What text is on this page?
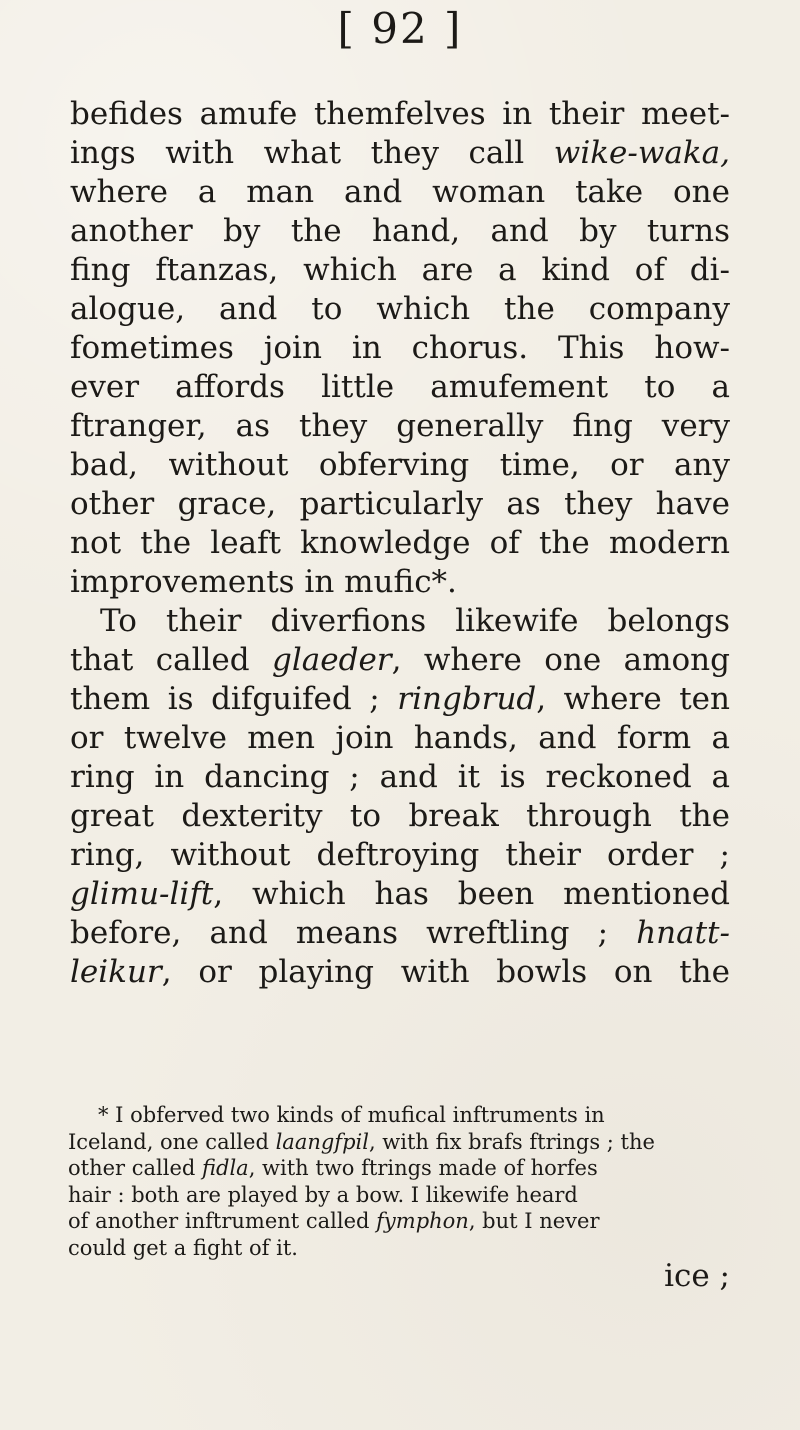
[ 92 ]
befides amufe themfelves in their meet-
ings with what they call wike-waka,
where a man and woman take one
another by the hand, and by turns
fing ftanzas, which are a kind of di-
alogue, and to which the company
fometimes join in chorus. This how-
ever affords little amufement to a
ftranger, as they generally fing very
bad, without obferving time, or any
other grace, particularly as they have
not the leaft knowledge of the modern
improvements in mufic*.
To their diverfions likewife belongs
that called glaeder, where one among
them is difguifed ; ringbrud, where ten
or twelve men join hands, and form a
ring in dancing ; and it is reckoned a
great dexterity to break through the
ring, without deftroying their order ;
glimu-lift, which has been mentioned
before, and means wreftling ; hnatt-
leikur, or playing with bowls on the
* I obferved two kinds of mufical inftruments in
Iceland, one called laangfpil, with fix brafs ftrings ; the
other called fidla, with two ftrings made of horfes
hair : both are played by a bow. I likewife heard
of another inftrument called fymphon, but I never
could get a fight of it.
ice ;
